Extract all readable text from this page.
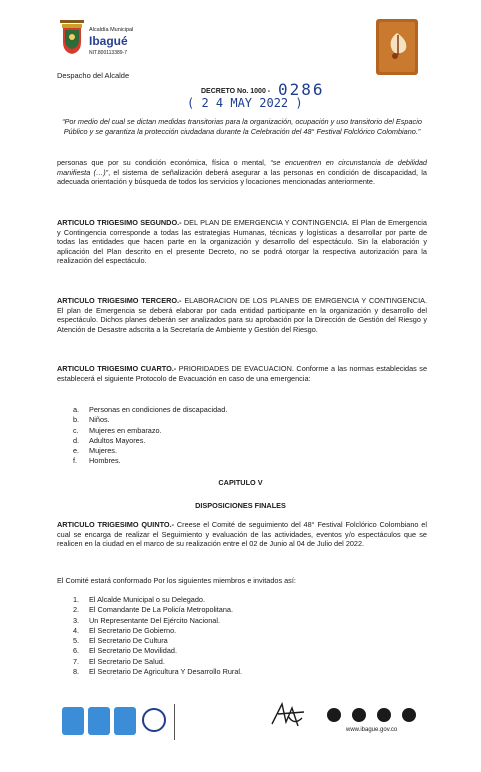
Alcaldía Municipal
Ibagué
NIT.800113389-7
Despacho del Alcalde
DECRETO No. 1000 - 0286
( 2 4 MAY 2022 )
“Por medio del cual se dictan medidas transitorias para la organización, ocupación y uso transitorio del Espacio Público y se garantiza la protección ciudadana durante la Celebración del 48° Festival Folclórico Colombiano.”
personas que por su condición económica, física o mental, “se encuentren en circunstancia de debilidad manifiesta (…)”, el sistema de señalización deberá asegurar a las personas en condición de discapacidad, la adecuada orientación y búsqueda de todos los servicios y locaciones mencionadas anteriormente.
ARTICULO TRIGESIMO SEGUNDO.- DEL PLAN DE EMERGENCIA Y CONTINGENCIA. El Plan de Emergencia y Contingencia corresponde a todas las estrategias Humanas, técnicas y logísticas a desarrollar por parte de todas las entidades que hacen parte en la organización y desarrollo del espectáculo. Sin la elaboración y aplicación del Plan descrito en el presente Decreto, no se podrá otorgar la respectiva autorización para la realización del espectáculo.
ARTICULO TRIGESIMO TERCERO.- ELABORACION DE LOS PLANES DE EMRGENCIA Y CONTINGENCIA. El plan de Emergencia se deberá elaborar por cada entidad participante en la organización y desarrollo del espectáculo. Dichos planes deberán ser analizados para su aprobación por la Dirección de Gestión del Riesgo y Atención de Desastre adscrita a la Secretaría de Ambiente y Gestión del Riesgo.
ARTICULO TRIGESIMO CUARTO.- PRIORIDADES DE EVACUACION. Conforme a las normas establecidas se establecerá el siguiente Protocolo de Evacuación en caso de una emergencia:
a. Personas en condiciones de discapacidad.
b. Niños.
c. Mujeres en embarazo.
d. Adultos Mayores.
e. Mujeres.
f. Hombres.
CAPITULO V
DISPOSICIONES FINALES
ARTICULO TRIGESIMO QUINTO.- Creese el Comité de seguimiento del 48° Festival Folclórico Colombiano el cual se encarga de realizar el Seguimiento y evaluación de las actividades, eventos y/o espectáculos que se realicen en la ciudad en el marco de su realización entre el 02 de Junio al 04 de Julio del 2022.
El Comité estará conformado Por los siguientes miembros e invitados así:
1. El Alcalde Municipal o su Delegado.
2. El Comandante De La Policía Metropolitana.
3. Un Representante Del Ejército Nacional.
4. El Secretario De Gobierno.
5. El Secretario De Cultura
6. El Secretario De Movilidad.
7. El Secretario De Salud.
8. El Secretario De Agricultura Y Desarrollo Rural.
www.ibague.gov.co
